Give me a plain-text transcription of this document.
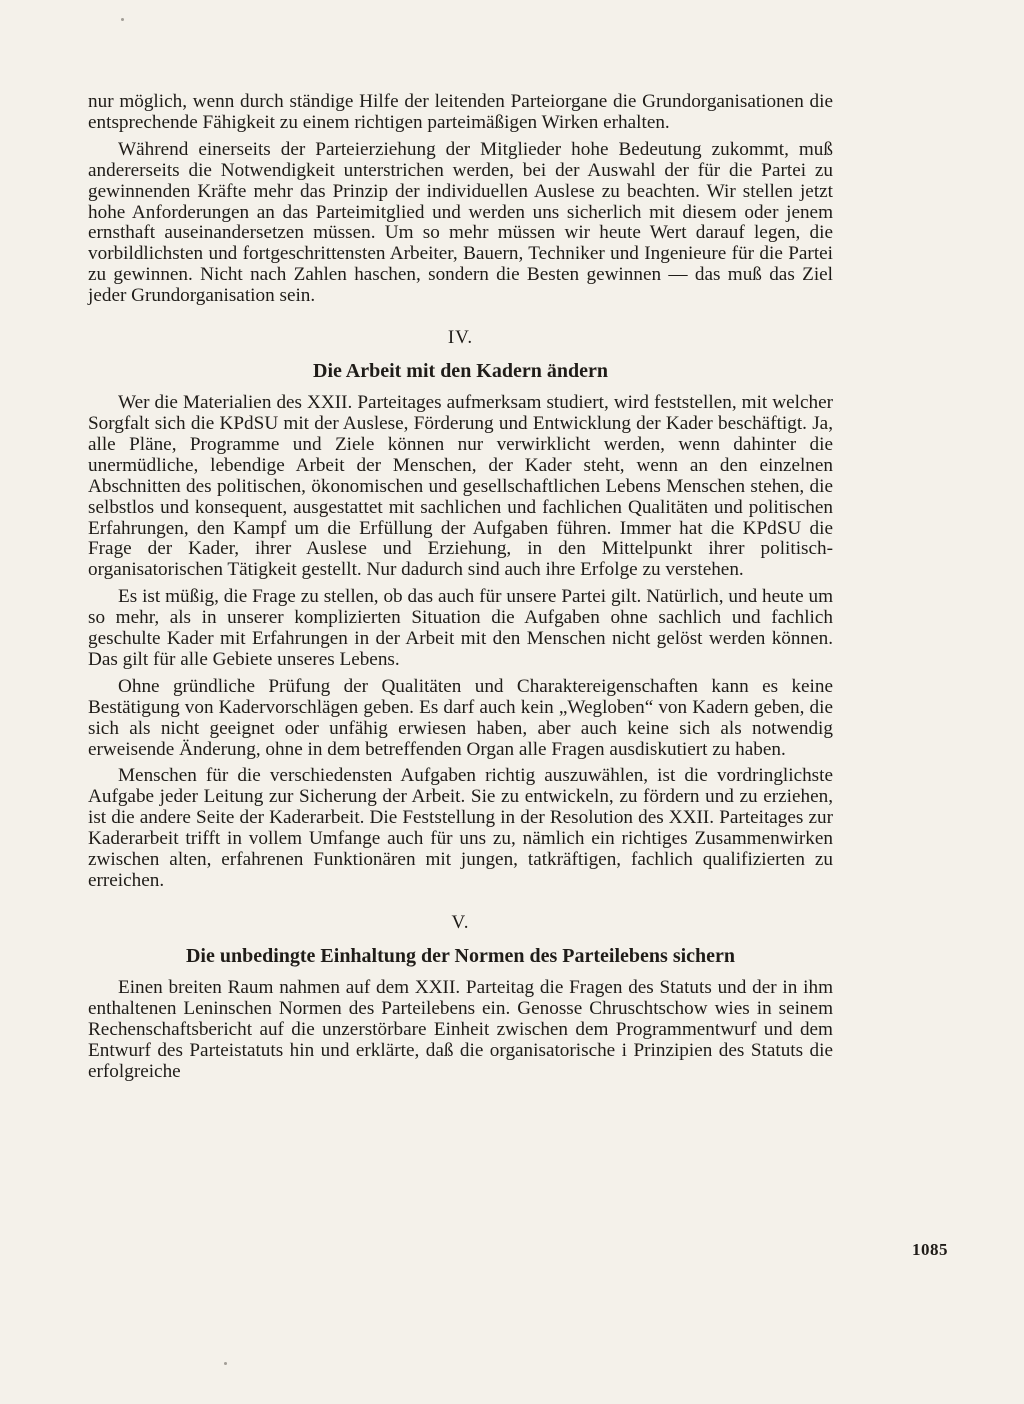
nur möglich, wenn durch ständige Hilfe der leitenden Parteiorgane die Grundorganisationen die entsprechende Fähigkeit zu einem richtigen parteimäßigen Wirken erhalten.

Während einerseits der Parteierziehung der Mitglieder hohe Bedeutung zukommt, muß andererseits die Notwendigkeit unterstrichen werden, bei der Auswahl der für die Partei zu gewinnenden Kräfte mehr das Prinzip der individuellen Auslese zu beachten. Wir stellen jetzt hohe Anforderungen an das Parteimitglied und werden uns sicherlich mit diesem oder jenem ernsthaft auseinandersetzen müssen. Um so mehr müssen wir heute Wert darauf legen, die vorbildlichsten und fortgeschrittensten Arbeiter, Bauern, Techniker und Ingenieure für die Partei zu gewinnen. Nicht nach Zahlen haschen, sondern die Besten gewinnen — das muß das Ziel jeder Grundorganisation sein.

IV.
Die Arbeit mit den Kadern ändern

Wer die Materialien des XXII. Parteitages aufmerksam studiert, wird feststellen, mit welcher Sorgfalt sich die KPdSU mit der Auslese, Förderung und Entwicklung der Kader beschäftigt. Ja, alle Pläne, Programme und Ziele können nur verwirklicht werden, wenn dahinter die unermüdliche, lebendige Arbeit der Menschen, der Kader steht, wenn an den einzelnen Abschnitten des politischen, ökonomischen und gesellschaftlichen Lebens Menschen stehen, die selbstlos und konsequent, ausgestattet mit sachlichen und fachlichen Qualitäten und politischen Erfahrungen, den Kampf um die Erfüllung der Aufgaben führen. Immer hat die KPdSU die Frage der Kader, ihrer Auslese und Erziehung, in den Mittelpunkt ihrer politisch-organisatorischen Tätigkeit gestellt. Nur dadurch sind auch ihre Erfolge zu verstehen.

Es ist müßig, die Frage zu stellen, ob das auch für unsere Partei gilt. Natürlich, und heute um so mehr, als in unserer komplizierten Situation die Aufgaben ohne sachlich und fachlich geschulte Kader mit Erfahrungen in der Arbeit mit den Menschen nicht gelöst werden können. Das gilt für alle Gebiete unseres Lebens.

Ohne gründliche Prüfung der Qualitäten und Charaktereigenschaften kann es keine Bestätigung von Kadervorschlägen geben. Es darf auch kein „Wegloben“ von Kadern geben, die sich als nicht geeignet oder unfähig erwiesen haben, aber auch keine sich als notwendig erweisende Änderung, ohne in dem betreffenden Organ alle Fragen ausdiskutiert zu haben.

Menschen für die verschiedensten Aufgaben richtig auszuwählen, ist die vordringlichste Aufgabe jeder Leitung zur Sicherung der Arbeit. Sie zu entwickeln, zu fördern und zu erziehen, ist die andere Seite der Kaderarbeit. Die Feststellung in der Resolution des XXII. Parteitages zur Kaderarbeit trifft in vollem Umfange auch für uns zu, nämlich ein richtiges Zusammenwirken zwischen alten, erfahrenen Funktionären mit jungen, tatkräftigen, fachlich qualifizierten zu erreichen.

V.
Die unbedingte Einhaltung der Normen des Parteilebens sichern

Einen breiten Raum nahmen auf dem XXII. Parteitag die Fragen des Statuts und der in ihm enthaltenen Leninschen Normen des Parteilebens ein. Genosse Chruschtschow wies in seinem Rechenschaftsbericht auf die unzerstörbare Einheit zwischen dem Programmentwurf und dem Entwurf des Parteistatuts hin und erklärte, daß die organisatorische i Prinzipien des Statuts die erfolgreiche

1085
